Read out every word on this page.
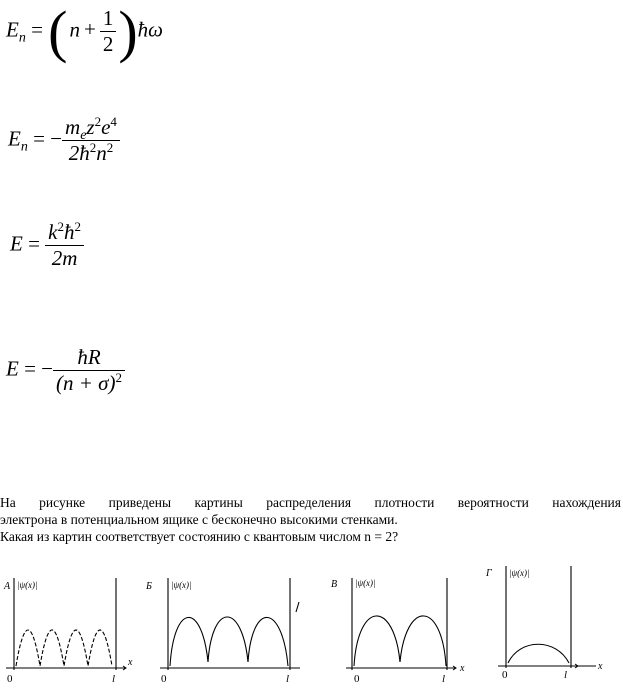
$E_n = (n + \frac{1}{2}$ )ħω
$E_n$ = − $\frac{m_ez^2e^4}{2ħ^2n^2}$
$E = \frac{k^2ħ^2}{2m}$
E = − $\frac{ħR}{(n + \sigma)^2}$
На рисунке приведены картины распределения плотности вероятности нахождения
электрона в потенциальном ящике с бесконечно высокими стенками.
Какая из картин соответствует состоянию с квантовым числом n = 2?
А |ψ(x)|
0	l
x
Б |ψ(x)|
0	l
В |ψ(x)|
0	l
x
Г |ψ(x)|
0	l
x
